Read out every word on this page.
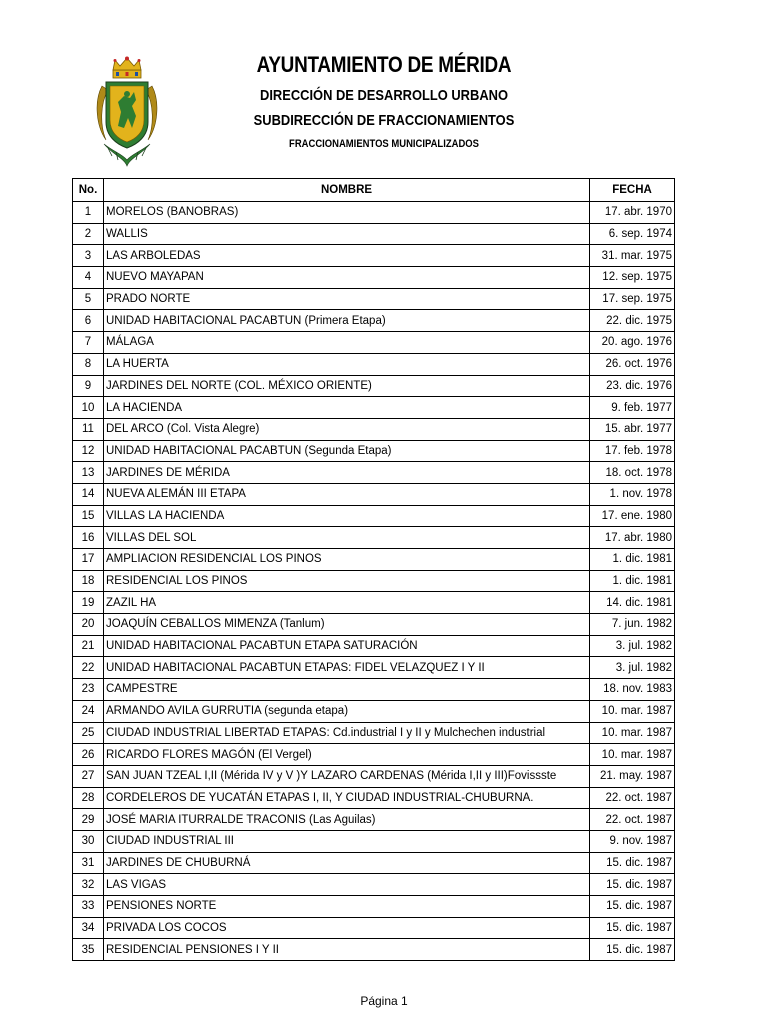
AYUNTAMIENTO DE MÉRIDA
DIRECCIÓN DE DESARROLLO URBANO
SUBDIRECCIÓN DE FRACCIONAMIENTOS
FRACCIONAMIENTOS MUNICIPALIZADOS
No.	NOMBRE	FECHA
1	MORELOS (BANOBRAS)	17. abr. 1970
2	WALLIS	6. sep. 1974
3	LAS ARBOLEDAS	31. mar. 1975
4	NUEVO MAYAPAN	12. sep. 1975
5	PRADO NORTE	17. sep. 1975
6	UNIDAD HABITACIONAL PACABTUN (Primera Etapa)	22. dic. 1975
7	MÁLAGA	20. ago. 1976
8	LA HUERTA	26. oct. 1976
9	JARDINES DEL NORTE (COL. MÉXICO ORIENTE)	23. dic. 1976
10	LA HACIENDA	9. feb. 1977
11	DEL ARCO (Col. Vista Alegre)	15. abr. 1977
12	UNIDAD HABITACIONAL PACABTUN (Segunda Etapa)	17. feb. 1978
13	JARDINES DE MÉRIDA	18. oct. 1978
14	NUEVA ALEMÁN III ETAPA	1. nov. 1978
15	VILLAS LA HACIENDA	17. ene. 1980
16	VILLAS DEL SOL	17. abr. 1980
17	AMPLIACION RESIDENCIAL LOS PINOS	1. dic. 1981
18	RESIDENCIAL LOS PINOS	1. dic. 1981
19	ZAZIL HA	14. dic. 1981
20	JOAQUÍN CEBALLOS MIMENZA (Tanlum)	7. jun. 1982
21	UNIDAD HABITACIONAL PACABTUN ETAPA SATURACIÓN	3. jul. 1982
22	UNIDAD HABITACIONAL PACABTUN ETAPAS: FIDEL VELAZQUEZ I Y II	3. jul. 1982
23	CAMPESTRE	18. nov. 1983
24	ARMANDO AVILA GURRUTIA (segunda etapa)	10. mar. 1987
25	CIUDAD INDUSTRIAL LIBERTAD ETAPAS: Cd.industrial I y II y Mulchechen industrial	10. mar. 1987
26	RICARDO FLORES MAGÓN (El Vergel)	10. mar. 1987
27	SAN JUAN TZEAL I,II (Mérida IV y V )Y LAZARO CARDENAS (Mérida I,II y III)Fovissste	21. may. 1987
28	CORDELEROS DE YUCATÁN ETAPAS I, II, Y CIUDAD INDUSTRIAL-CHUBURNA.	22. oct. 1987
29	JOSÉ MARIA ITURRALDE TRACONIS (Las Aguilas)	22. oct. 1987
30	CIUDAD INDUSTRIAL III	9. nov. 1987
31	JARDINES DE CHUBURNÁ	15. dic. 1987
32	LAS VIGAS	15. dic. 1987
33	PENSIONES NORTE	15. dic. 1987
34	PRIVADA LOS COCOS	15. dic. 1987
35	RESIDENCIAL PENSIONES I Y II	15. dic. 1987
Página 1
